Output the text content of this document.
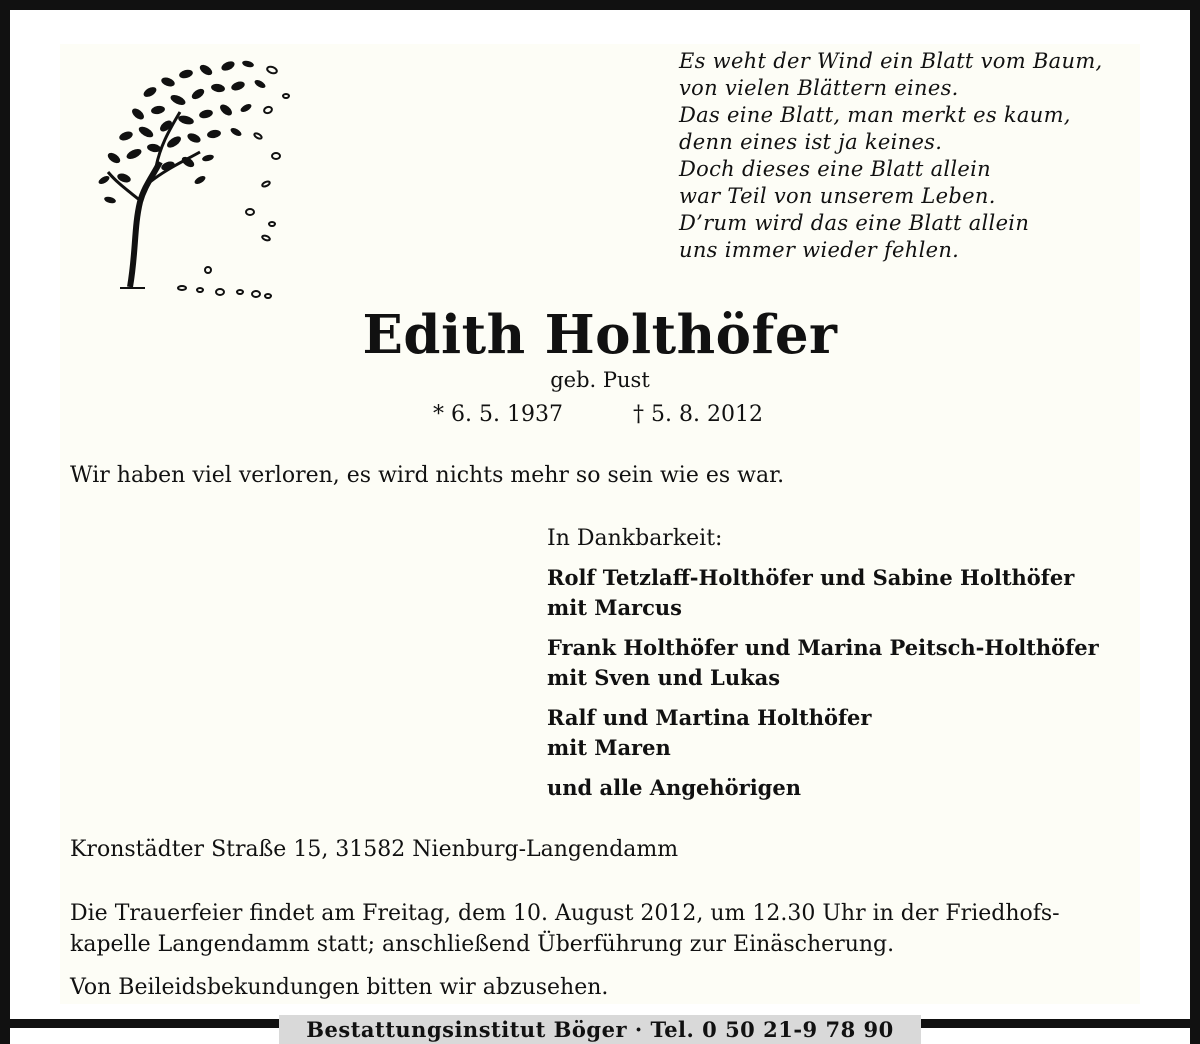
Es weht der Wind ein Blatt vom Baum,
von vielen Blättern eines.
Das eine Blatt, man merkt es kaum,
denn eines ist ja keines.
Doch dieses eine Blatt allein
war Teil von unserem Leben.
D’rum wird das eine Blatt allein
uns immer wieder fehlen.
Edith Holthöfer
geb. Pust
* 6. 5. 1937	† 5. 8. 2012
Wir haben viel verloren, es wird nichts mehr so sein wie es war.
In Dankbarkeit:
Rolf Tetzlaff-Holthöfer und Sabine Holthöfer
mit Marcus
Frank Holthöfer und Marina Peitsch-Holthöfer
mit Sven und Lukas
Ralf und Martina Holthöfer
mit Maren
und alle Angehörigen
Kronstädter Straße 15, 31582 Nienburg-Langendamm
Die Trauerfeier findet am Freitag, dem 10. August 2012, um 12.30 Uhr in der Friedhofs-
kapelle Langendamm statt; anschließend Überführung zur Einäscherung.
Von Beileidsbekundungen bitten wir abzusehen.
Bestattungsinstitut Böger · Tel. 0 50 21-9 78 90
